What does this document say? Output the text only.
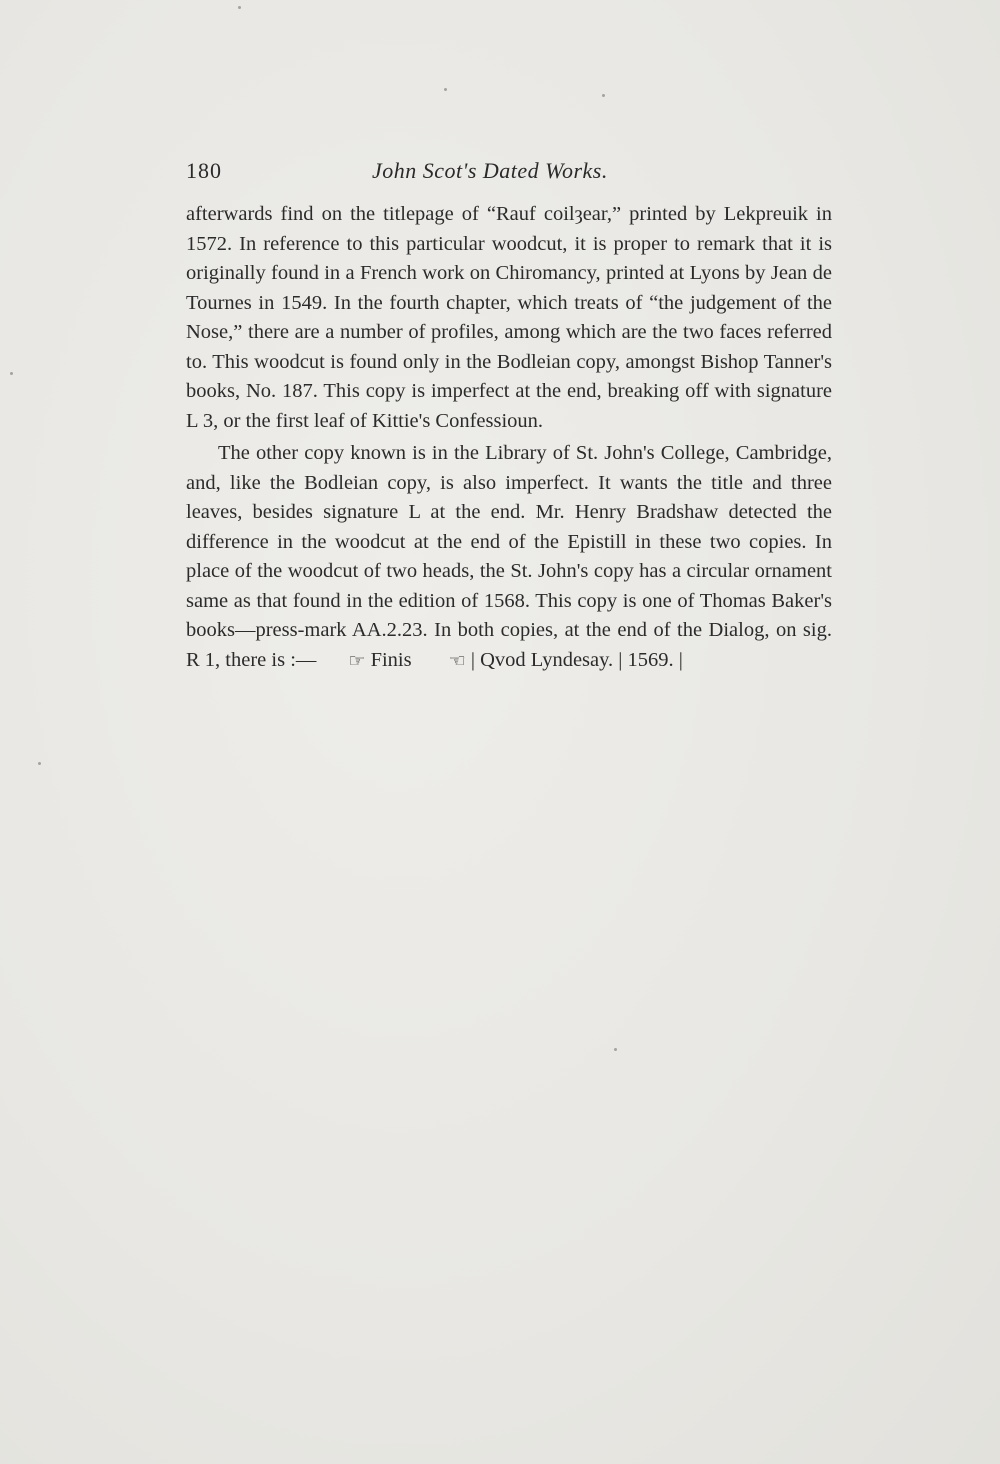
180	John Scot's Dated Works.

afterwards find on the titlepage of “Rauf coilȝear,” printed by Lekpreuik in 1572. In reference to this particular woodcut, it is proper to remark that it is originally found in a French work on Chiromancy, printed at Lyons by Jean de Tournes in 1549. In the fourth chapter, which treats of “the judgement of the Nose,” there are a number of profiles, among which are the two faces referred to. This woodcut is found only in the Bodleian copy, amongst Bishop Tanner's books, No. 187. This copy is imperfect at the end, breaking off with signature L 3, or the first leaf of Kittie's Confessioun.

The other copy known is in the Library of St. John's College, Cambridge, and, like the Bodleian copy, is also imperfect. It wants the title and three leaves, besides signature L at the end. Mr. Henry Bradshaw detected the difference in the woodcut at the end of the Epistill in these two copies. In place of the woodcut of two heads, the St. John's copy has a circular ornament same as that found in the edition of 1568. This copy is one of Thomas Baker's books—press-mark AA.2.23. In both copies, at the end of the Dialog, on sig. R 1, there is :— ☞ Finis ☜ | Qvod Lyndesay. | 1569. |
